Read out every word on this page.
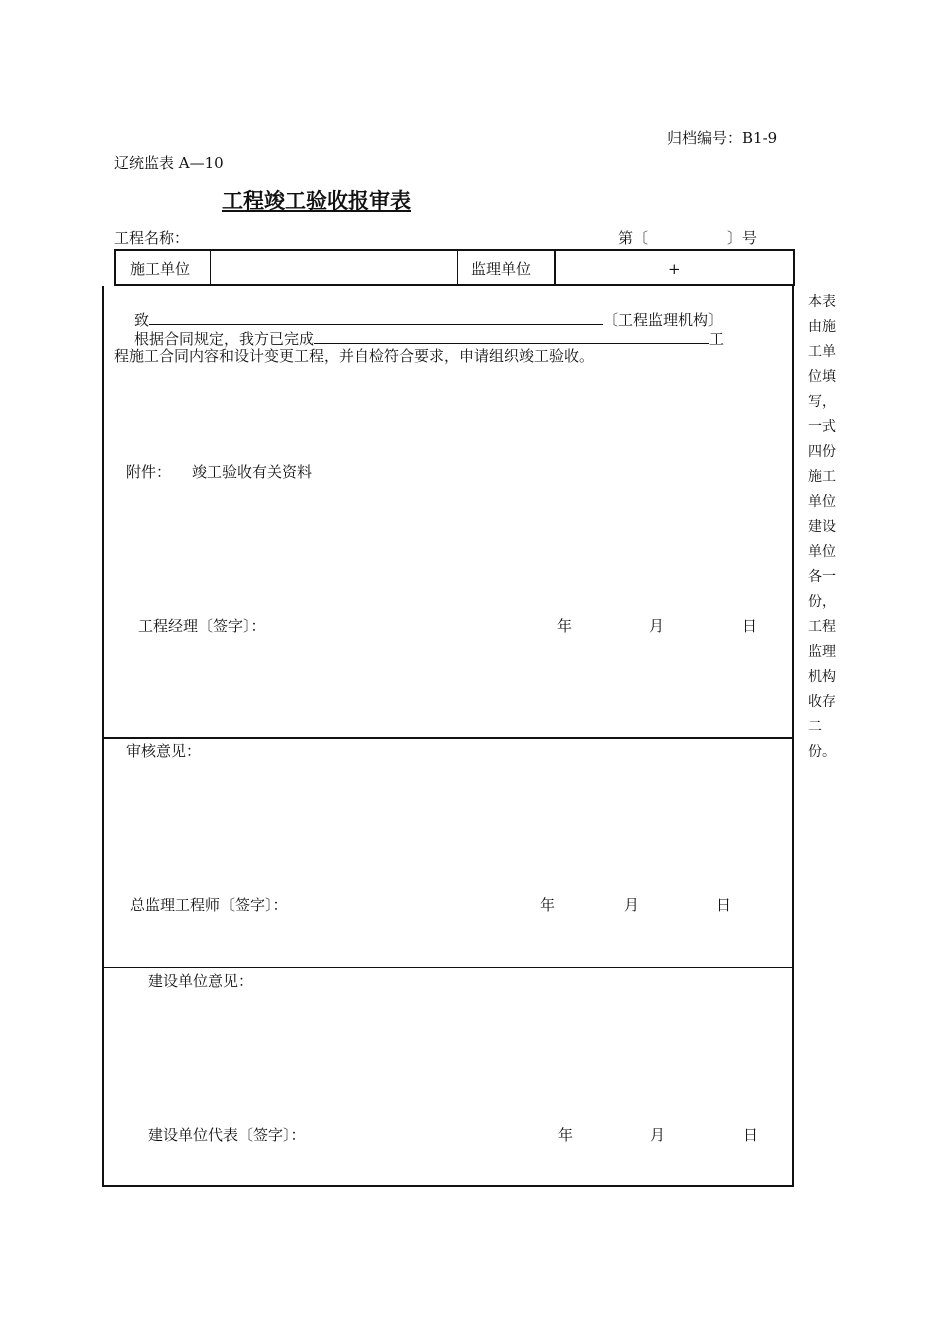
归档编号：B1-9
辽统监表 A—10
工程竣工验收报审表
工程名称：	第〔	〕号
施工单位	监理单位	+
致	〔工程监理机构〕
根据合同规定，我方已完成	工
程施工合同内容和设计变更工程，并自检符合要求，申请组织竣工验收。
附件： 竣工验收有关资料
工程经理〔签字〕：	年	月	日
审核意见：
总监理工程师〔签字〕：	年	月	日
建设单位意见：
建设单位代表〔签字〕：	年	月	日
本表
由施
工单
位填
写，
一式
四份
施工
单位
建设
单位
各一
份，
工程
监理
机构
收存
二份。
